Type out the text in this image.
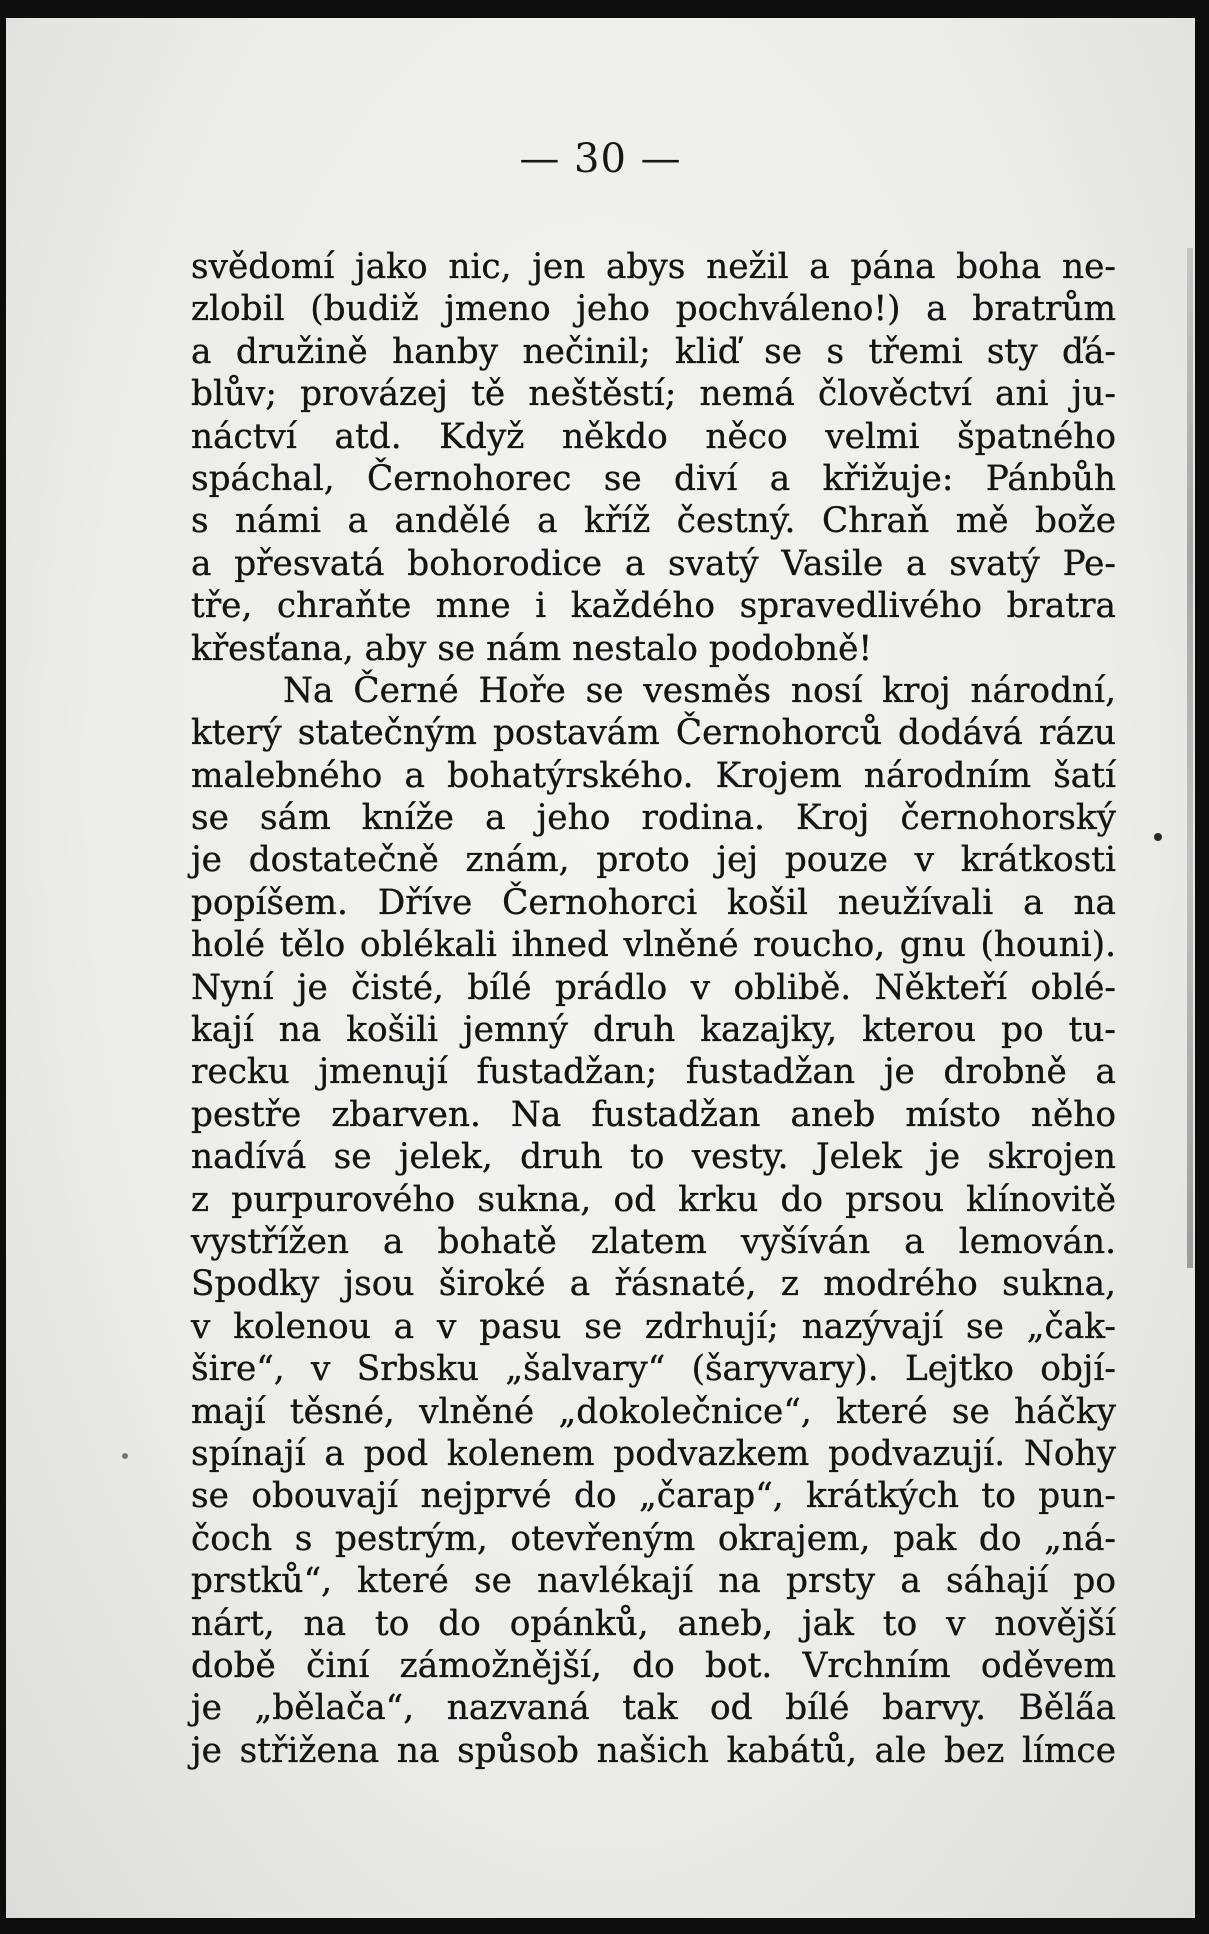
— 30 —
svědomí jako nic, jen abys nežil a pána boha ne-
zlobil (budiž jmeno jeho pochváleno!) a bratrům
a družině hanby nečinil; kliď se s třemi sty ďá-
blův; provázej tě neštěstí; nemá člověctví ani ju-
náctví atd. Když někdo něco velmi špatného
spáchal, Černohorec se diví a křižuje: Pánbůh
s námi a andělé a kříž čestný. Chraň mě bože
a přesvatá bohorodice a svatý Vasile a svatý Pe-
tře, chraňte mne i každého spravedlivého bratra
křesťana, aby se nám nestalo podobně!
Na Černé Hoře se vesměs nosí kroj národní,
který statečným postavám Černohorců dodává rázu
malebného a bohatýrského. Krojem národním šatí
se sám kníže a jeho rodina. Kroj černohorský
je dostatečně znám, proto jej pouze v krátkosti
popíšem. Dříve Černohorci košil neužívali a na
holé tělo oblékali ihned vlněné roucho, gnu (houni).
Nyní je čisté, bílé prádlo v oblibě. Někteří oblé-
kají na košili jemný druh kazajky, kterou po tu-
recku jmenují fustadžan; fustadžan je drobně a
pestře zbarven. Na fustadžan aneb místo něho
nadívá se jelek, druh to vesty. Jelek je skrojen
z purpurového sukna, od krku do prsou klínovitě
vystřížen a bohatě zlatem vyšíván a lemován.
Spodky jsou široké a řásnaté, z modrého sukna,
v kolenou a v pasu se zdrhují; nazývají se „čak-
šire“, v Srbsku „šalvary“ (šaryvary). Lejtko objí-
mají těsné, vlněné „dokolečnice“, které se háčky
spínají a pod kolenem podvazkem podvazují. Nohy
se obouvají nejprvé do „čarap“, krátkých to pun-
čoch s pestrým, otevřeným okrajem, pak do „ná-
prstků“, které se navlékají na prsty a sáhají po
nárt, na to do opánků, aneb, jak to v novější
době činí zámožnější, do bot. Vrchním oděvem
je „bělača“, nazvaná tak od bílé barvy. Běla̋a
je střižena na spůsob našich kabátů, ale bez límce
